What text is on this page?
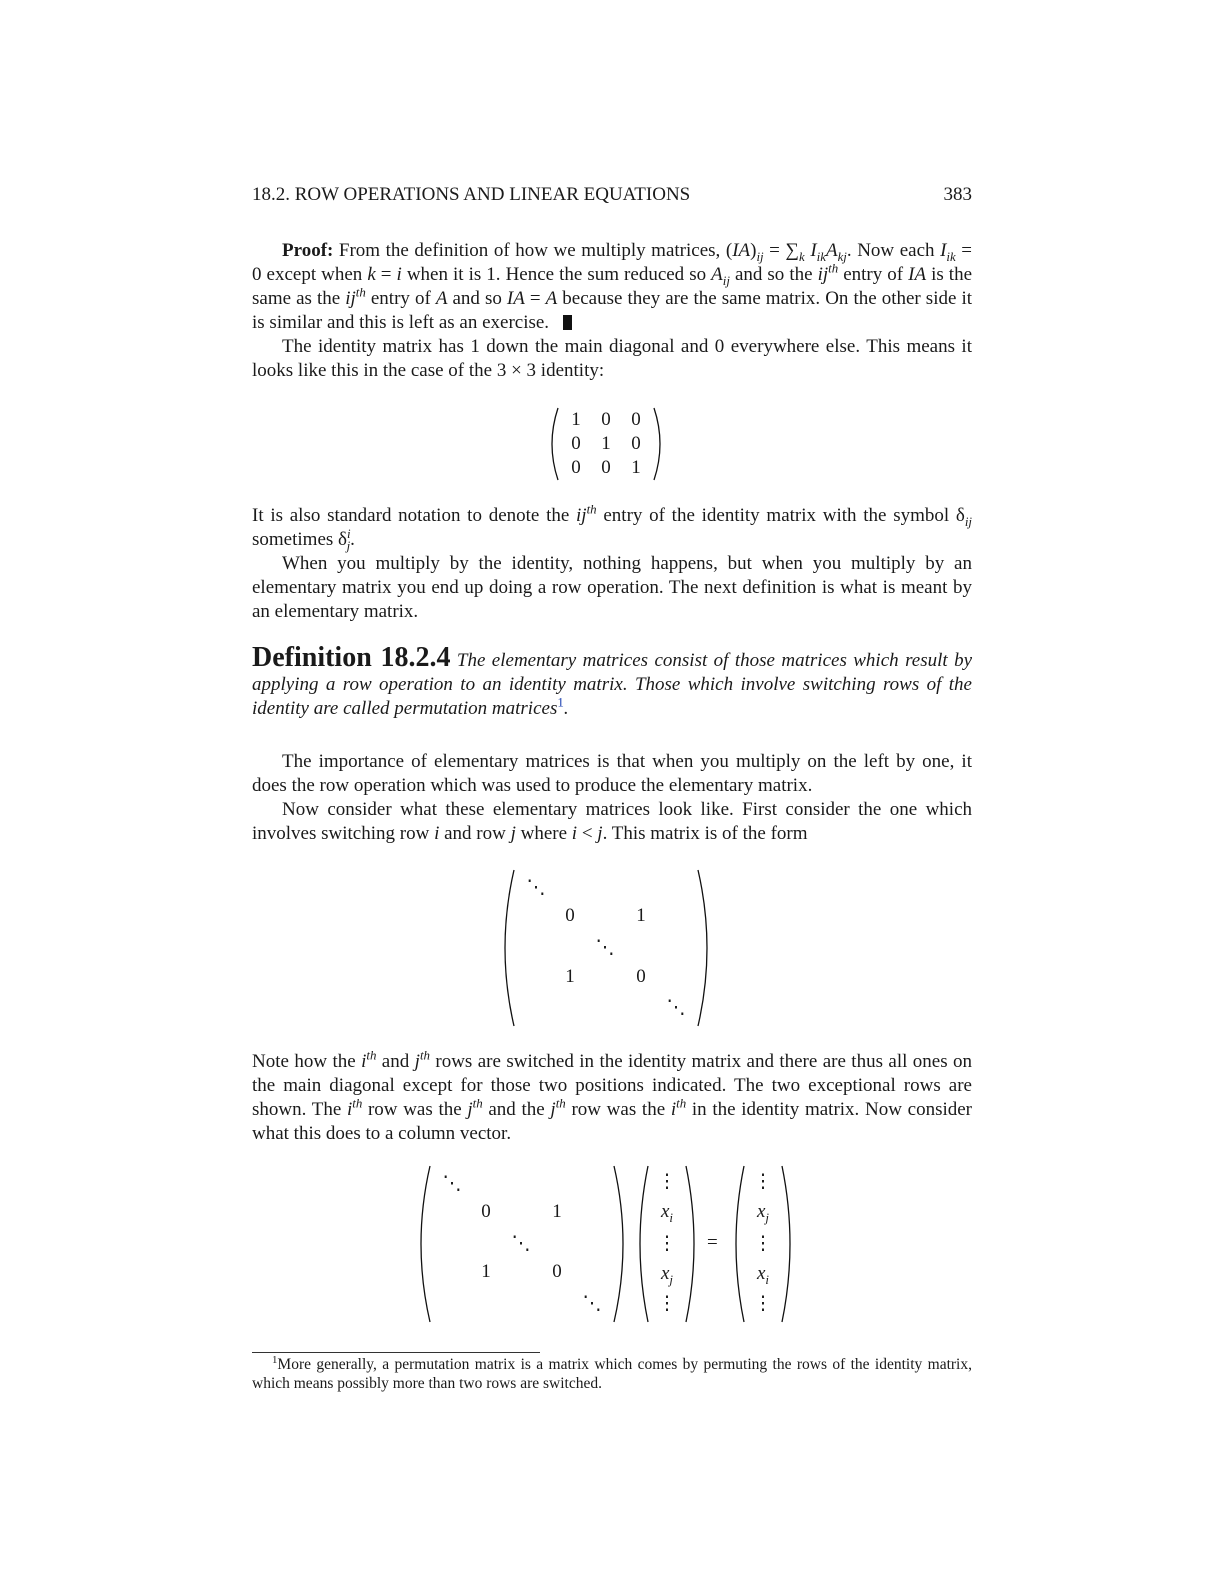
18.2. ROW OPERATIONS AND LINEAR EQUATIONS	383

Proof: From the definition of how we multiply matrices, $(IA)_{ij} = \sum_k$ $I_{ik}A_{kj}$. Now each $I_{ik} = 0$ except when k = i when it is 1. Hence the sum reduced so $A_{ij}$ and so the $ij^{th}$ entry of IA is the same as the $ij^{th}$ entry of A and so IA = A because they are the same matrix. On the other side it is similar and this is left as an exercise.

The identity matrix has 1 down the main diagonal and 0 everywhere else. This means it looks like this in the case of the 3 × 3 identity:

1 0 0
0 1 0
0 0 1

It is also standard notation to denote the $ij^{th}$ entry of the identity matrix with the symbol $\delta_{ij}$ sometimes $\delta^i_j$.

When you multiply by the identity, nothing happens, but when you multiply by an elementary matrix you end up doing a row operation. The next definition is what is meant by an elementary matrix.

Definition 18.2.4 The elementary matrices consist of those matrices which result by applying a row operation to an identity matrix. Those which involve switching rows of the identity are called permutation matrices$^1$.

The importance of elementary matrices is that when you multiply on the left by one, it does the row operation which was used to produce the elementary matrix.

Now consider what these elementary matrices look like. First consider the one which involves switching row i and row j where i < j. This matrix is of the form

⋱
0	1
⋱
1	0
⋱

Note how the $i^{th}$ and $j^{th}$ rows are switched in the identity matrix and there are thus all ones on the main diagonal except for those two positions indicated. The two exceptional rows are shown. The $i^{th}$ row was the $j^{th}$ and the $j^{th}$ row was the $i^{th}$ in the identity matrix. Now consider what this does to a column vector.

⋱
0	1
⋱
1	0
⋱
⋮
$x_i$
⋮
$x_j$
⋮
=
⋮
$x_j$
⋮
$x_i$
⋮

$^1$More generally, a permutation matrix is a matrix which comes by permuting the rows of the identity matrix, which means possibly more than two rows are switched.
